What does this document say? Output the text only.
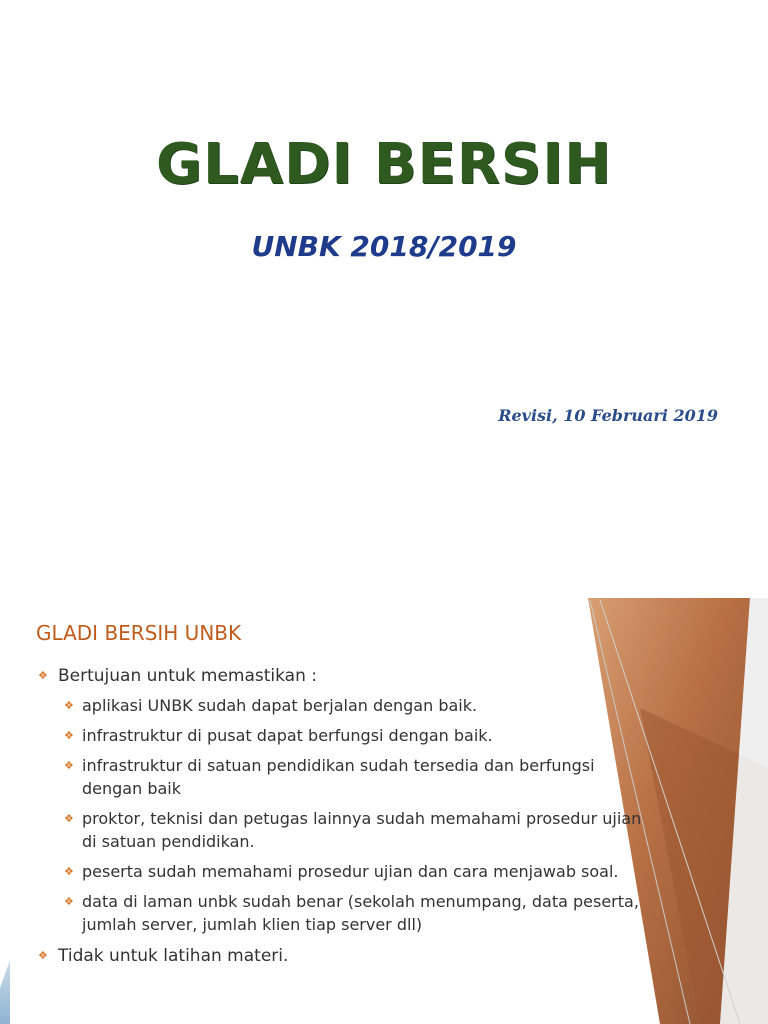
GLADI BERSIH
UNBK 2018/2019
Revisi, 10 Februari 2019
GLADI BERSIH UNBK
❖ Bertujuan untuk memastikan :
❖ aplikasi UNBK sudah dapat berjalan dengan baik.
❖ infrastruktur di pusat dapat berfungsi dengan baik.
❖ infrastruktur di satuan pendidikan sudah tersedia dan berfungsi dengan baik
❖ proktor, teknisi dan petugas lainnya sudah memahami prosedur ujian di satuan pendidikan.
❖ peserta sudah memahami prosedur ujian dan cara menjawab soal.
❖ data di laman unbk sudah benar (sekolah menumpang, data peserta, jumlah server, jumlah klien tiap server dll)
❖ Tidak untuk latihan materi.
